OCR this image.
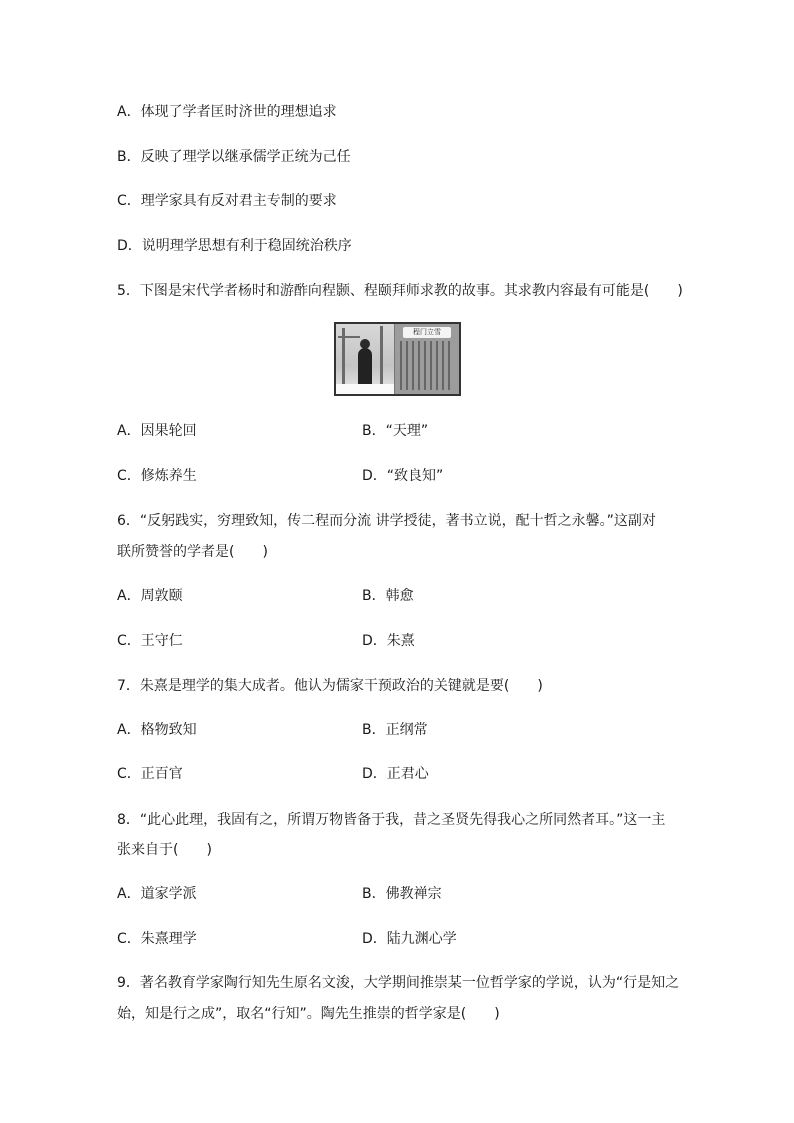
A．体现了学者匡时济世的理想追求
B．反映了理学以继承儒学正统为己任
C．理学家具有反对君主专制的要求
D．说明理学思想有利于稳固统治秩序
5．下图是宋代学者杨时和游酢向程颢、程颐拜师求教的故事。其求教内容最有可能是(　　)
程门立雪
A．因果轮回	B．“天理”
C．修炼养生	D．“致良知”
6．“反躬践实，穷理致知，传二程而分流 讲学授徒，著书立说，配十哲之永馨。”这副对
联所赞誉的学者是(　　)
A．周敦颐	B．韩愈
C．王守仁	D．朱熹
7．朱熹是理学的集大成者。他认为儒家干预政治的关键就是要(　　)
A．格物致知	B．正纲常
C．正百官	D．正君心
8．“此心此理，我固有之，所谓万物皆备于我，昔之圣贤先得我心之所同然者耳。”这一主
张来自于(　　)
A．道家学派	B．佛教禅宗
C．朱熹理学	D．陆九渊心学
9．著名教育学家陶行知先生原名文浚，大学期间推崇某一位哲学家的学说，认为“行是知之
始，知是行之成”，取名“行知”。陶先生推崇的哲学家是(　　)
